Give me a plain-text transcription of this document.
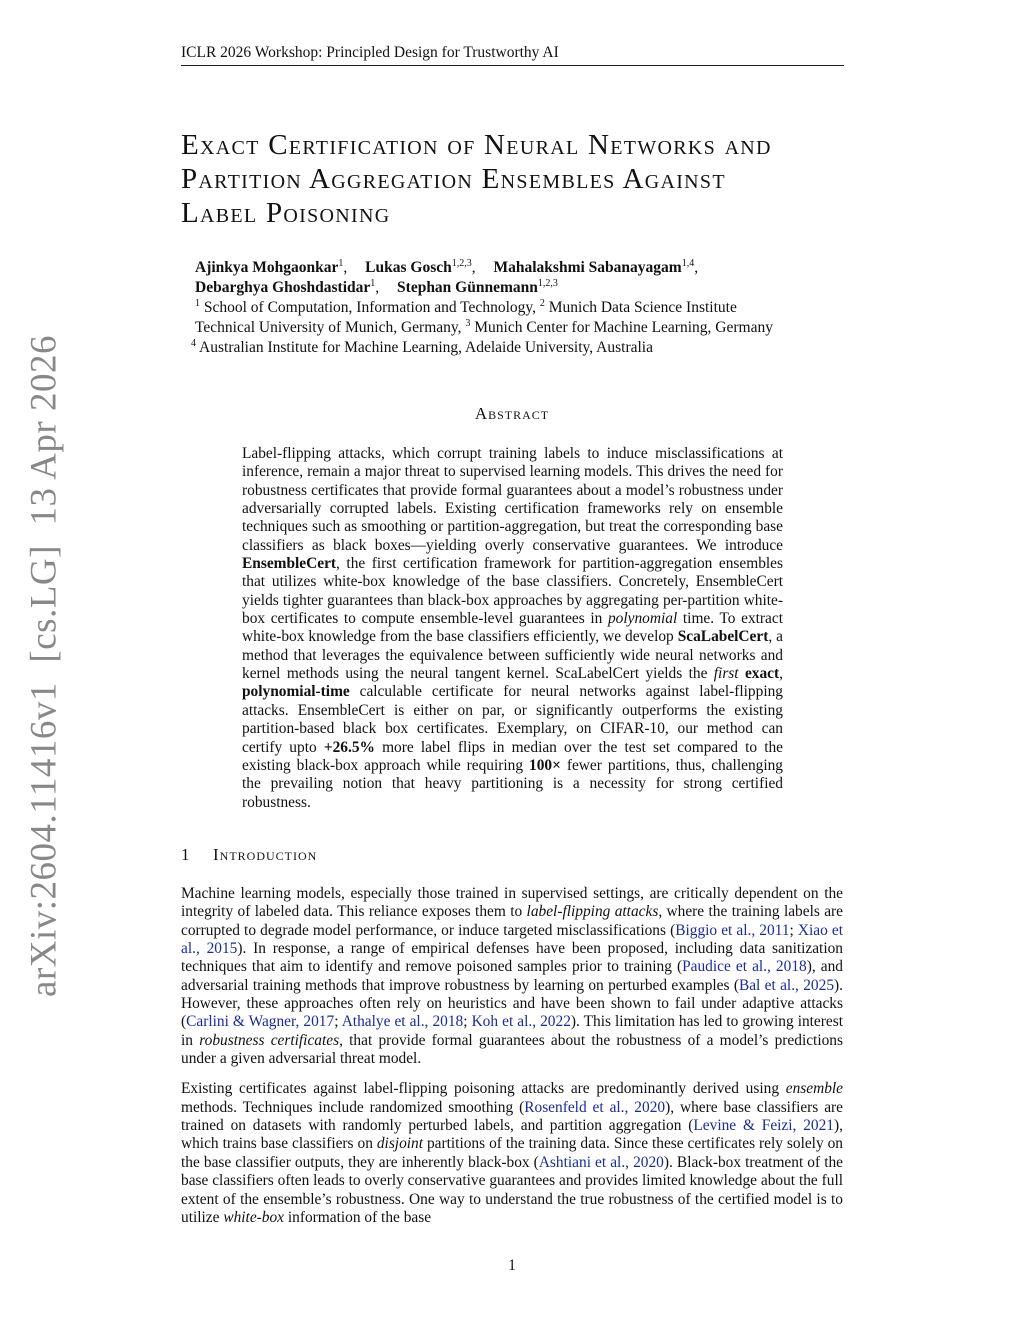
ICLR 2026 Workshop: Principled Design for Trustworthy AI
Exact Certification of Neural Networks and
Partition Aggregation Ensembles Against
Label Poisoning
Ajinkya Mohgaonkar$^1$, Lukas Gosch$^{1,2,3}$, Mahalakshmi Sabanayagam$^{1,4}$,
Debarghya Ghoshdastidar$^1$, Stephan Günnemann$^{1,2,3}$
$^1$ School of Computation, Information and Technology, $^2$ Munich Data Science Institute
Technical University of Munich, Germany, $^3$ Munich Center for Machine Learning, Germany
$^4$ Australian Institute for Machine Learning, Adelaide University, Australia
arXiv:2604.11416v1  [cs.LG]  13 Apr 2026	Abstract

Label-flipping attacks, which corrupt training labels to induce misclassifications at inference, remain a major threat to supervised learning models. This drives the need for robustness certificates that provide formal guarantees about a model’s robustness under adversarially corrupted labels. Existing certification frameworks rely on ensemble techniques such as smoothing or partition-aggregation, but treat the corresponding base classifiers as black boxes—yielding overly conservative guarantees. We introduce EnsembleCert, the first certification framework for partition-aggregation ensembles that utilizes white-box knowledge of the base classifiers. Concretely, EnsembleCert yields tighter guarantees than black-box approaches by aggregating per-partition white-box certificates to compute ensemble-level guarantees in polynomial time. To extract white-box knowledge from the base classifiers efficiently, we develop ScaLabelCert, a method that leverages the equivalence between sufficiently wide neural networks and kernel methods using the neural tangent kernel. ScaLabelCert yields the first exact, polynomial-time calculable certificate for neural networks against label-flipping attacks. EnsembleCert is either on par, or significantly outperforms the existing partition-based black box certificates. Exemplary, on CIFAR-10, our method can certify upto +26.5% more label flips in median over the test set compared to the existing black-box approach while requiring 100× fewer partitions, thus, challenging the prevailing notion that heavy partitioning is a necessity for strong certified robustness.

1 Introduction

Machine learning models, especially those trained in supervised settings, are critically dependent on the integrity of labeled data. This reliance exposes them to label-flipping attacks, where the training labels are corrupted to degrade model performance, or induce targeted misclassifications (Biggio et al., 2011; Xiao et al., 2015). In response, a range of empirical defenses have been proposed, including data sanitization techniques that aim to identify and remove poisoned samples prior to training (Paudice et al., 2018), and adversarial training methods that improve robustness by learning on perturbed examples (Bal et al., 2025). However, these approaches often rely on heuristics and have been shown to fail under adaptive attacks (Carlini & Wagner, 2017; Athalye et al., 2018; Koh et al., 2022). This limitation has led to growing interest in robustness certificates, that provide formal guarantees about the robustness of a model’s predictions under a given adversarial threat model.

Existing certificates against label-flipping poisoning attacks are predominantly derived using ensemble methods. Techniques include randomized smoothing (Rosenfeld et al., 2020), where base classifiers are trained on datasets with randomly perturbed labels, and partition aggregation (Levine & Feizi, 2021), which trains base classifiers on disjoint partitions of the training data. Since these certificates rely solely on the base classifier outputs, they are inherently black-box (Ashtiani et al., 2020). Black-box treatment of the base classifiers often leads to overly conservative guarantees and provides limited knowledge about the full extent of the ensemble’s robustness. One way to understand the true robustness of the certified model is to utilize white-box information of the base

1
